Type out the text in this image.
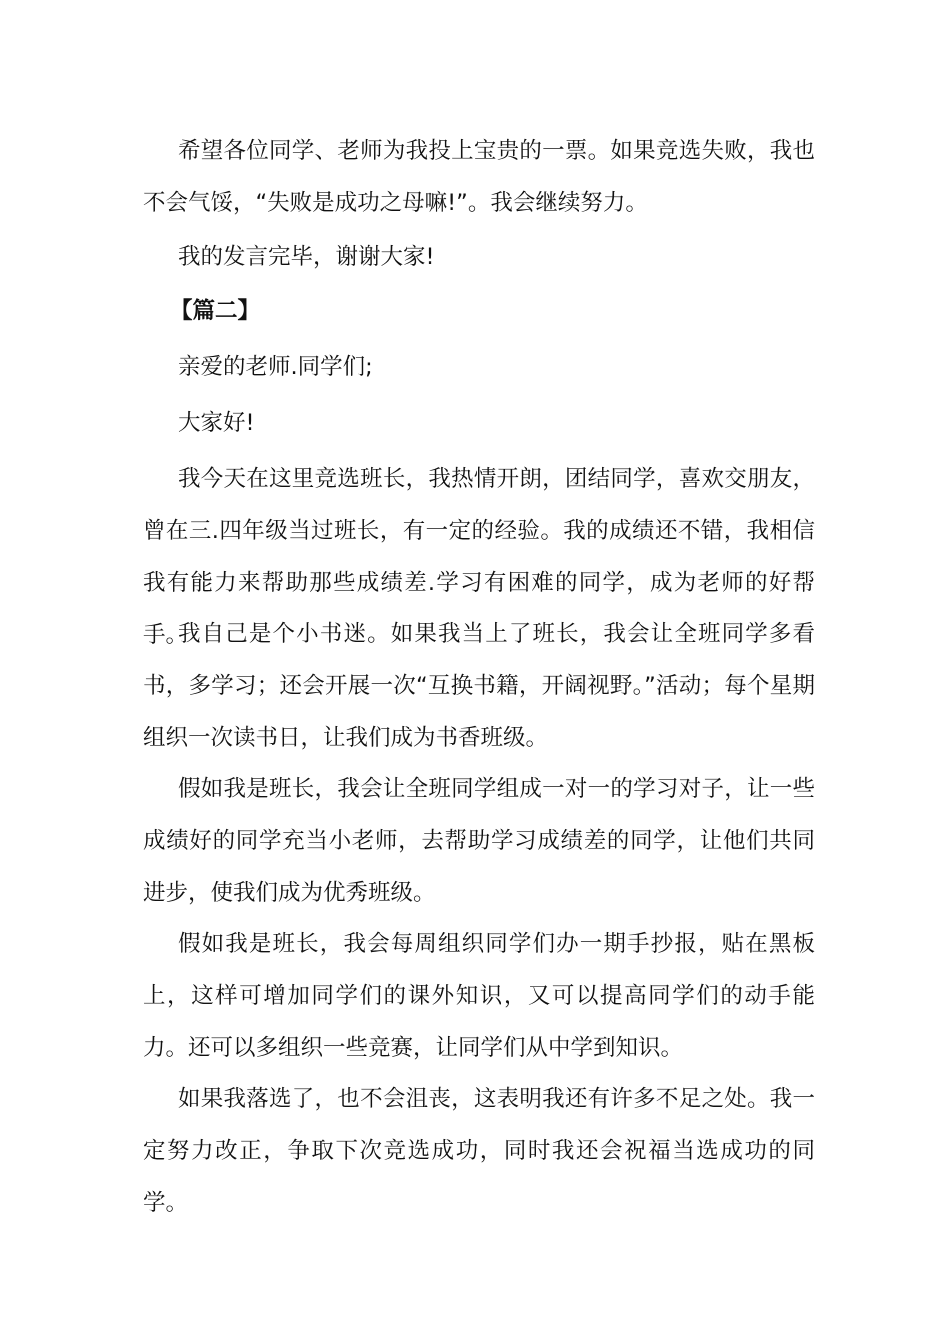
希望各位同学、老师为我投上宝贵的一票。如果竞选失败，我也不会气馁，“失败是成功之母嘛!”。我会继续努力。

我的发言完毕，谢谢大家!

【篇二】

亲爱的老师.同学们;

大家好!

我今天在这里竞选班长，我热情开朗，团结同学，喜欢交朋友，曾在三.四年级当过班长，有一定的经验。我的成绩还不错，我相信我有能力来帮助那些成绩差.学习有困难的同学，成为老师的好帮手。

我自己是个小书迷。如果我当上了班长，我会让全班同学多看书，多学习；还会开展一次“互换书籍，开阔视野。”活动；每个星期组织一次读书日，让我们成为书香班级。

假如我是班长，我会让全班同学组成一对一的学习对子，让一些成绩好的同学充当小老师，去帮助学习成绩差的同学，让他们共同进步，使我们成为优秀班级。

假如我是班长，我会每周组织同学们办一期手抄报，贴在黑板上，这样可增加同学们的课外知识，又可以提高同学们的动手能力。还可以多组织一些竞赛，让同学们从中学到知识。

如果我落选了，也不会沮丧，这表明我还有许多不足之处。我一定努力改正，争取下次竞选成功，同时我还会祝福当选成功的同学。
